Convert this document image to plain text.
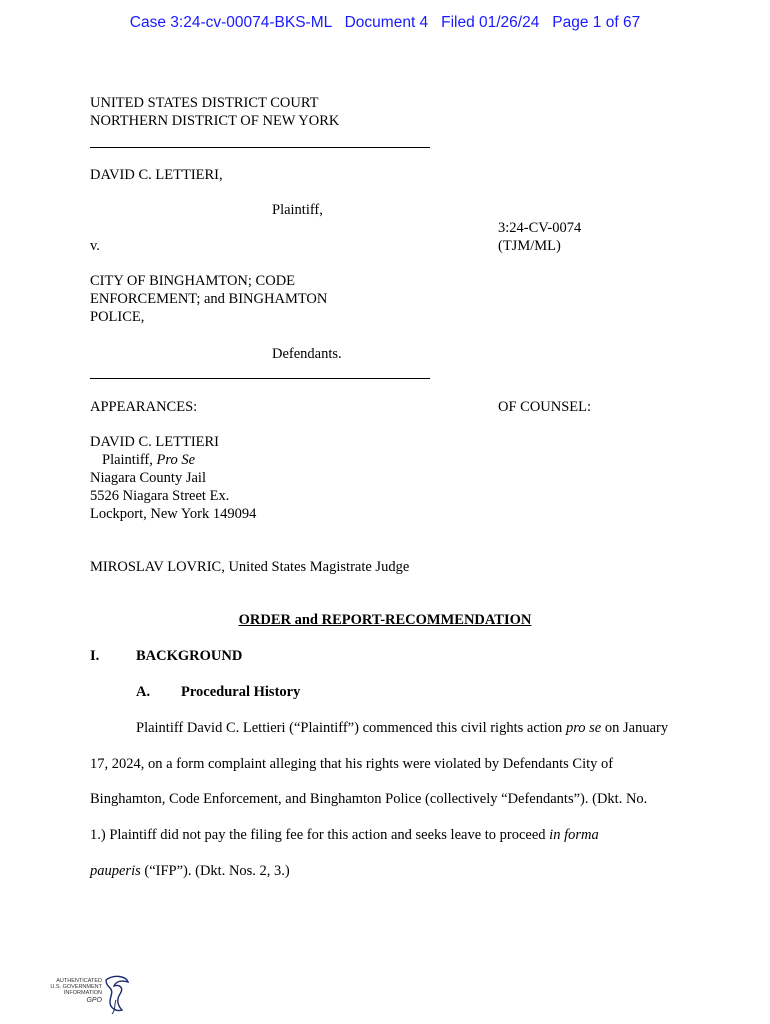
Case 3:24-cv-00074-BKS-ML Document 4 Filed 01/26/24 Page 1 of 67
UNITED STATES DISTRICT COURT
NORTHERN DISTRICT OF NEW YORK
DAVID C. LETTIERI,
Plaintiff,
3:24-CV-0074
(TJM/ML)
v.
CITY OF BINGHAMTON; CODE
ENFORCEMENT; and BINGHAMTON
POLICE,
Defendants.
APPEARANCES:	OF COUNSEL:
DAVID C. LETTIERI
Plaintiff, Pro Se
Niagara County Jail
5526 Niagara Street Ex.
Lockport, New York 149094
MIROSLAV LOVRIC, United States Magistrate Judge
ORDER and REPORT-RECOMMENDATION
I.	BACKGROUND
A. Procedural History
Plaintiff David C. Lettieri (“Plaintiff”) commenced this civil rights action pro se on January
17, 2024, on a form complaint alleging that his rights were violated by Defendants City of
Binghamton, Code Enforcement, and Binghamton Police (collectively “Defendants”). (Dkt. No.
1.) Plaintiff did not pay the filing fee for this action and seeks leave to proceed in forma
pauperis (“IFP”). (Dkt. Nos. 2, 3.)
AUTHENTICATED
U.S. GOVERNMENT
INFORMATION
GPO
